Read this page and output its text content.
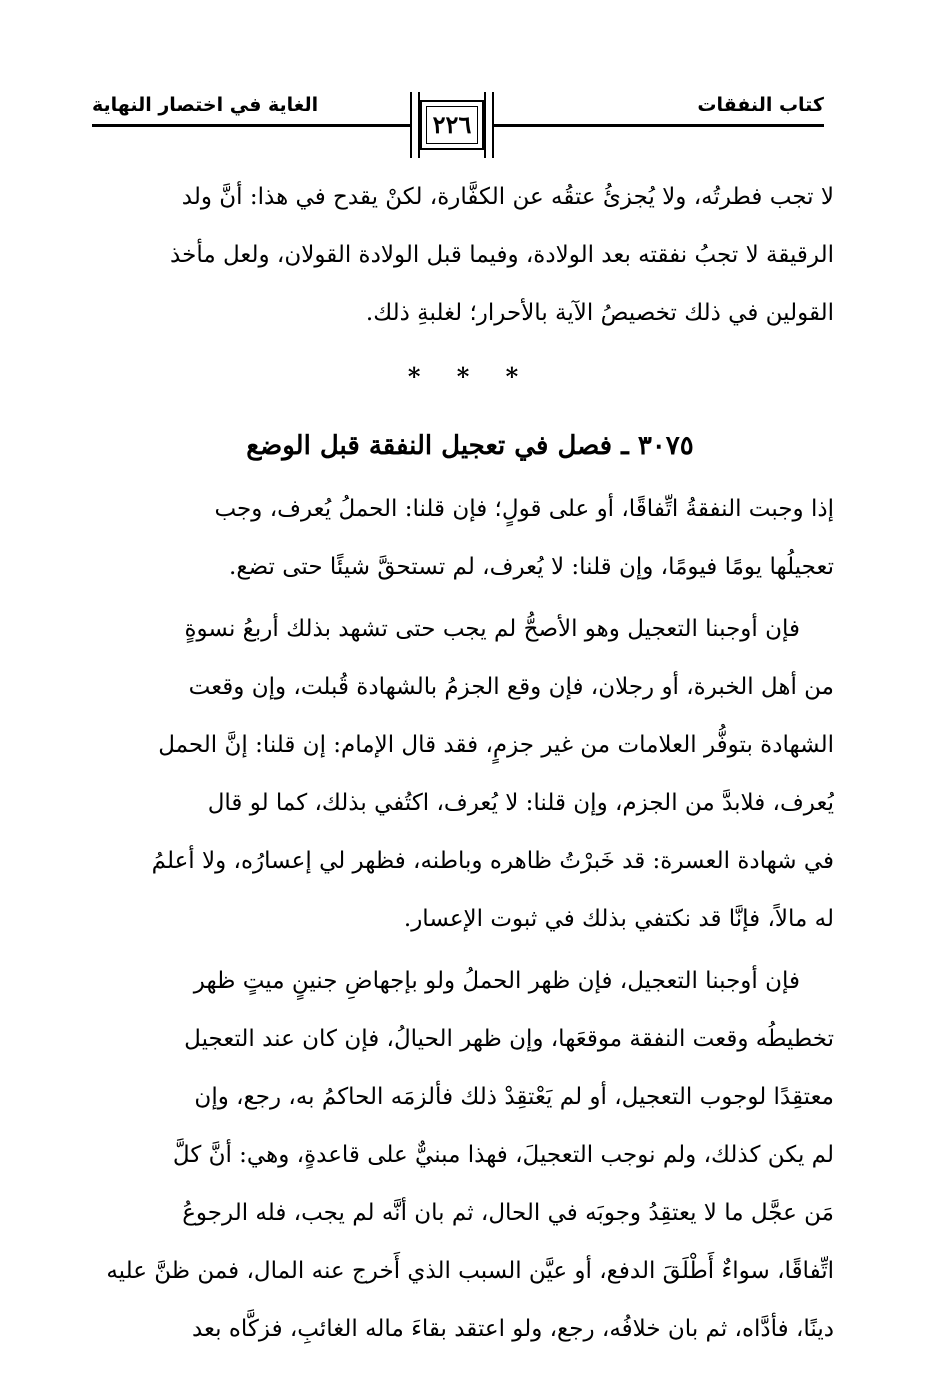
كتاب النفقات
الغاية في اختصار النهاية
٢٢٦
لا تجب فطرتُه، ولا يُجزئُ عتقُه عن الكفَّارة، لكنْ يقدح في هذا: أنَّ ولد
الرقيقة لا تجبُ نفقته بعد الولادة، وفيما قبل الولادة القولان، ولعل مأخذ
القولين في ذلك تخصيصُ الآية بالأحرار؛ لغلبةِ ذلك.
* * *
٣٠٧٥ ـ فصل في تعجيل النفقة قبل الوضع
إذا وجبت النفقةُ اتِّفاقًا، أو على قولٍ؛ فإن قلنا: الحملُ يُعرف، وجب
تعجيلُها يومًا فيومًا، وإن قلنا: لا يُعرف، لم تستحقَّ شيئًا حتى تضع.
فإن أوجبنا التعجيل وهو الأصحُّ لم يجب حتى تشهد بذلك أربعُ نسوةٍ
من أهل الخبرة، أو رجلان، فإن وقع الجزمُ بالشهادة قُبلت، وإن وقعت
الشهادة بتوفُّر العلامات من غير جزمٍ، فقد قال الإمام: إن قلنا: إنَّ الحمل
يُعرف، فلابدَّ من الجزم، وإن قلنا: لا يُعرف، اكتُفي بذلك، كما لو قال
في شهادة العسرة: قد خَبرْتُ ظاهره وباطنه، فظهر لي إعسارُه، ولا أعلمُ
له مالاً، فإنَّا قد نكتفي بذلك في ثبوت الإعسار.
فإن أوجبنا التعجيل، فإن ظهر الحملُ ولو بإجهاضِ جنينٍ ميتٍ ظهر
تخطيطُه وقعت النفقة موقعَها، وإن ظهر الحيالُ، فإن كان عند التعجيل
معتقِدًا لوجوب التعجيل، أو لم يَعْتقِدْ ذلك فألزمَه الحاكمُ به، رجع، وإن
لم يكن كذلك، ولم نوجب التعجيلَ، فهذا مبنيٌّ على قاعدةٍ، وهي: أنَّ كلَّ
مَن عجَّل ما لا يعتقِدُ وجوبَه في الحال، ثم بان أنَّه لم يجب، فله الرجوعُ
اتِّفاقًا، سواءٌ أَطْلَقَ الدفع، أو عيَّن السبب الذي أَخرج عنه المال، فمن ظنَّ عليه
دينًا، فأدَّاه، ثم بان خلافُه، رجع، ولو اعتقد بقاءَ ماله الغائبِ، فزكَّاه بعد
